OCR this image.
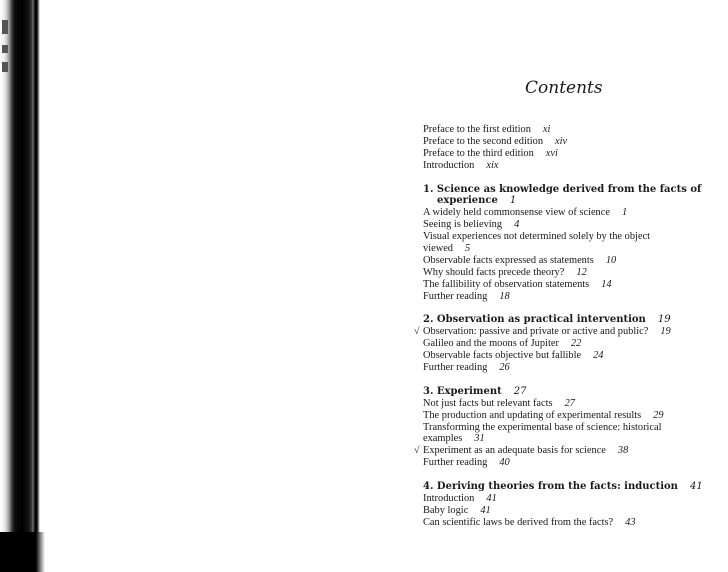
Contents
Preface to the first edition xi
Preface to the second edition xiv
Preface to the third edition xvi
Introduction xix
1. Science as knowledge derived from the facts of
experience 1
A widely held commonsense view of science 1
Seeing is believing 4
Visual experiences not determined solely by the object
viewed 5
Observable facts expressed as statements 10
Why should facts precede theory? 12
The fallibility of observation statements 14
Further reading 18
2. Observation as practical intervention 19
√ Observation: passive and private or active and public? 19
Galileo and the moons of Jupiter 22
Observable facts objective but fallible 24
Further reading 26
3. Experiment 27
Not just facts but relevant facts 27
The production and updating of experimental results 29
Transforming the experimental base of science: historical
examples 31
√ Experiment as an adequate basis for science 38
Further reading 40
4. Deriving theories from the facts: induction 41
Introduction 41
Baby logic 41
Can scientific laws be derived from the facts? 43
